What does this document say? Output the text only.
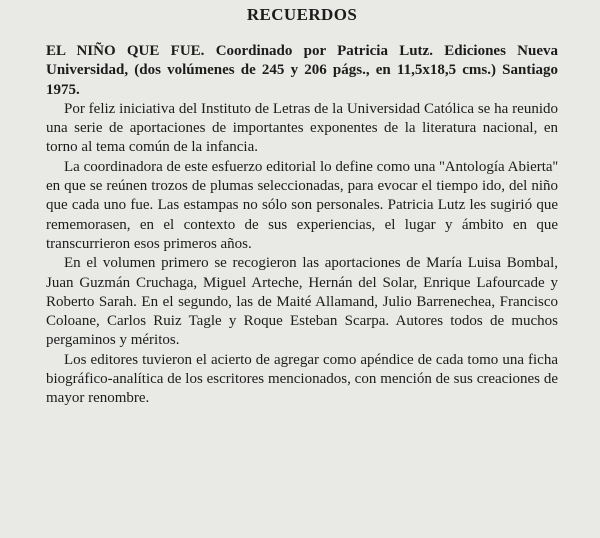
RECUERDOS

EL NIÑO QUE FUE. Coordinado por Patricia Lutz. Ediciones Nueva Universidad, (dos volúmenes de 245 y 206 págs., en 11,5x18,5 cms.) Santiago 1975.

Por feliz iniciativa del Instituto de Letras de la Universidad Católica se ha reunido una serie de aportaciones de importantes exponentes de la literatura nacional, en torno al tema común de la infancia.

La coordinadora de este esfuerzo editorial lo define como una ''Antología Abierta'' en que se reúnen trozos de plumas seleccionadas, para evocar el tiempo ido, del niño que cada uno fue. Las estampas no sólo son personales. Patricia Lutz les sugirió que rememorasen, en el contexto de sus experiencias, el lugar y ámbito en que transcurrieron esos primeros años.

En el volumen primero se recogieron las aportaciones de María Luisa Bombal, Juan Guzmán Cruchaga, Miguel Arteche, Hernán del Solar, Enrique Lafourcade y Roberto Sarah. En el segundo, las de Maité Allamand, Julio Barrenechea, Francisco Coloane, Carlos Ruiz Tagle y Roque Esteban Scarpa. Autores todos de muchos pergaminos y méritos.

Los editores tuvieron el acierto de agregar como apéndice de cada tomo una ficha biográfico-analítica de los escritores mencionados, con mención de sus creaciones de mayor renombre.
